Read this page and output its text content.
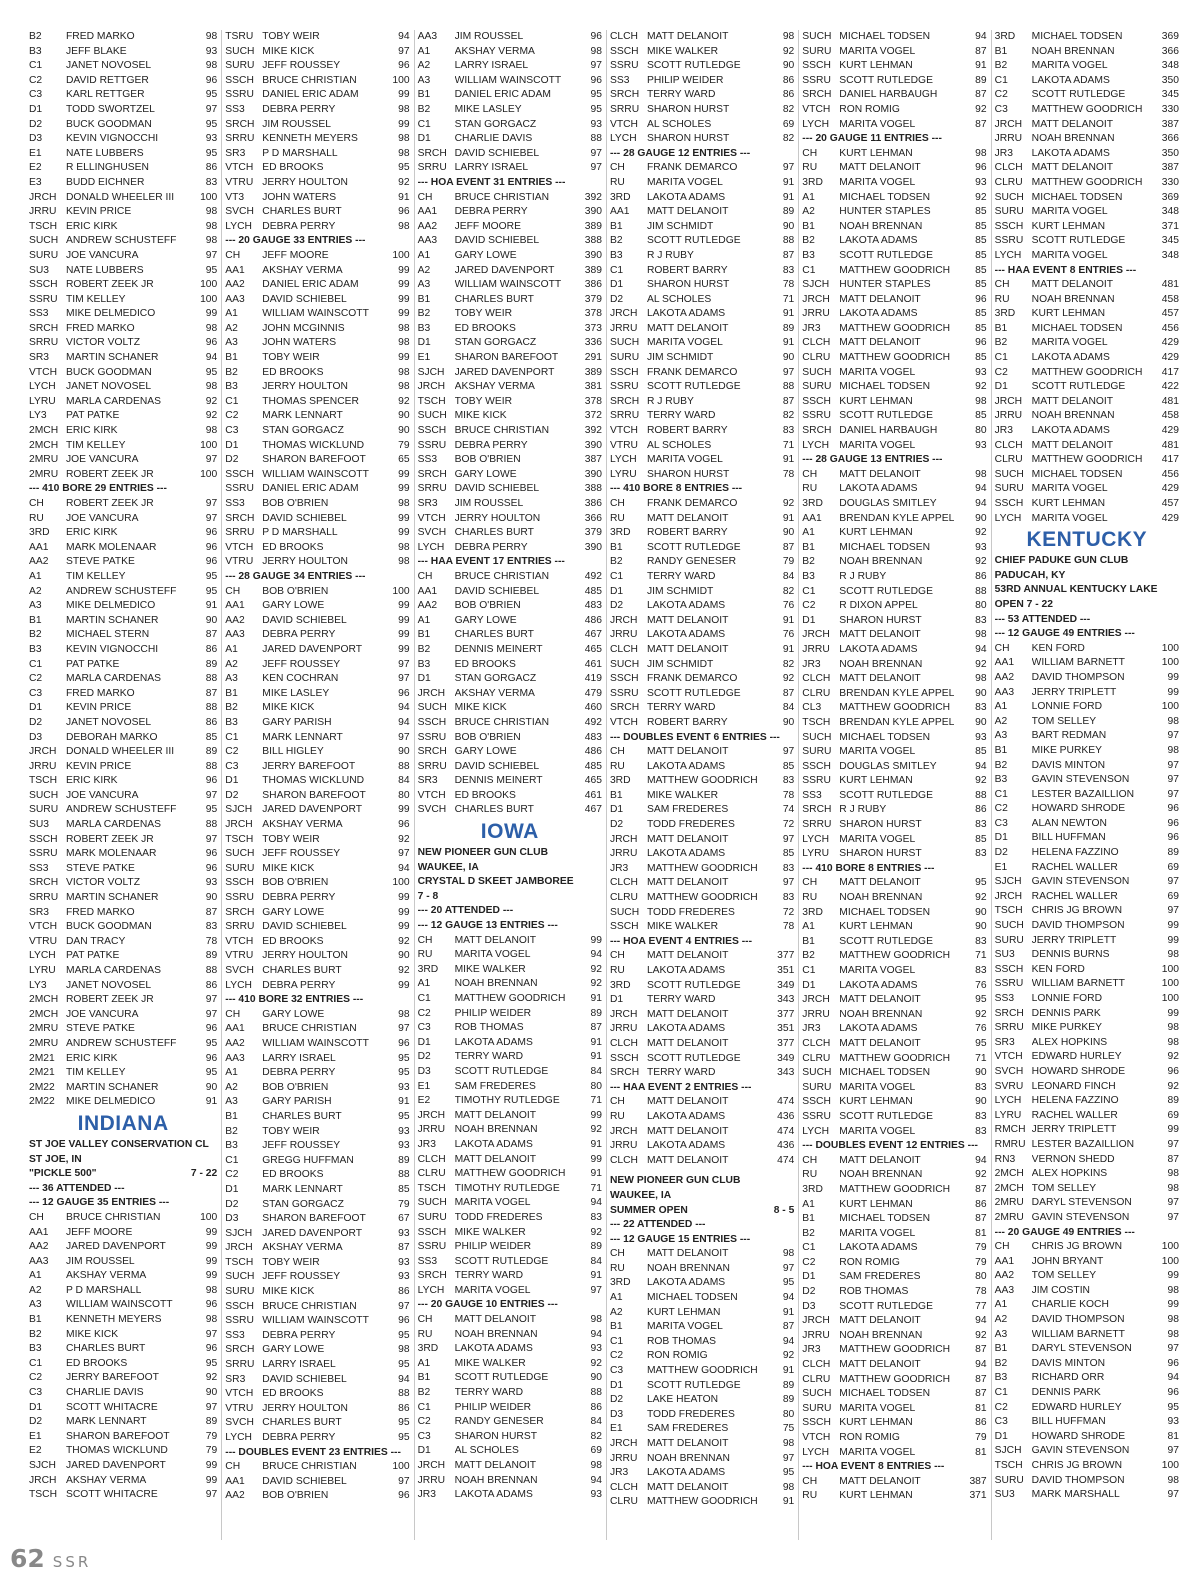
B2	FRED MARKO	98
B3	JEFF BLAKE	93
C1	JANET NOVOSEL	98
C2	DAVID RETTGER	96
C3	KARL RETTGER	95
D1	TODD SWORTZEL	97
D2	BUCK GOODMAN	95
D3	KEVIN VIGNOCCHI	93
E1	NATE LUBBERS	95
E2	R ELLINGHUSEN	86
E3	BUDD EICHNER	83
JRCH DONALD WHEELER III	100
JRRU KEVIN PRICE	98
TSCH ERIC KIRK	98
SUCH ANDREW SCHUSTEFF	98
SURU JOE VANCURA	97
SU3	NATE LUBBERS	95
SSCH ROBERT ZEEK JR	100
SSRU TIM KELLEY	100
SS3	MIKE DELMEDICO	99
SRCH FRED MARKO	98
SRRU VICTOR VOLTZ	96
SR3	MARTIN SCHANER	94
VTCH BUCK GOODMAN	95
LYCH JANET NOVOSEL	98
LYRU MARLA CARDENAS	92
LY3	PAT PATKE	92
2MCH ERIC KIRK	98
2MCH TIM KELLEY	100
2MRU JOE VANCURA	97
2MRU ROBERT ZEEK JR	100
--- 410 BORE 29 ENTRIES ---
CH	ROBERT ZEEK JR	97
RU	JOE VANCURA	97
3RD	ERIC KIRK	96
AA1	MARK MOLENAAR	96
AA2	STEVE PATKE	96
A1	TIM KELLEY	95
A2	ANDREW SCHUSTEFF	95
A3	MIKE DELMEDICO	91
B1	MARTIN SCHANER	90
B2	MICHAEL STERN	87
B3	KEVIN VIGNOCCHI	86
C1	PAT PATKE	89
C2	MARLA CARDENAS	88
C3	FRED MARKO	87
D1	KEVIN PRICE	88
D2	JANET NOVOSEL	86
D3	DEBORAH MARKO	85
JRCH DONALD WHEELER III	89
JRRU KEVIN PRICE	88
TSCH ERIC KIRK	96
SUCH JOE VANCURA	97
SURU ANDREW SCHUSTEFF	95
SU3	MARLA CARDENAS	88
SSCH ROBERT ZEEK JR	97
SSRU MARK MOLENAAR	96
SS3	STEVE PATKE	96
SRCH VICTOR VOLTZ	93
SRRU MARTIN SCHANER	90
SR3	FRED MARKO	87
VTCH BUCK GOODMAN	83
VTRU DAN TRACY	78
LYCH PAT PATKE	89
LYRU MARLA CARDENAS	88
LY3	JANET NOVOSEL	86
2MCH ROBERT ZEEK JR	97
2MCH JOE VANCURA	97
2MRU STEVE PATKE	96
2MRU ANDREW SCHUSTEFF	95
2M21	ERIC KIRK	96
2M21	TIM KELLEY	95
2M22	MARTIN SCHANER	90
2M22	MIKE DELMEDICO	91
INDIANA
ST JOE VALLEY CONSERVATION CL
ST JOE, IN
"PICKLE 500"	7 - 22
--- 36 ATTENDED ---
--- 12 GAUGE 35 ENTRIES ---
CH	BRUCE CHRISTIAN	100
AA1	JEFF MOORE	99
AA2	JARED DAVENPORT	99
AA3	JIM ROUSSEL	99
A1	AKSHAY VERMA	99
A2	P D MARSHALL	98
A3	WILLIAM WAINSCOTT	96
B1	KENNETH MEYERS	98
B2	MIKE KICK	97
B3	CHARLES BURT	96
C1	ED BROOKS	95
C2	JERRY BAREFOOT	92
C3	CHARLIE DAVIS	90
D1	SCOTT WHITACRE	97
D2	MARK LENNART	89
E1	SHARON BAREFOOT	79
E2	THOMAS WICKLUND	79
SJCH JARED DAVENPORT	99
JRCH AKSHAY VERMA	99
TSCH SCOTT WHITACRE	97
TSRU TOBY WEIR	94
SUCH MIKE KICK	97
SURU JEFF ROUSSEY	96
SSCH BRUCE CHRISTIAN	100
SSRU DANIEL ERIC ADAM	99
SS3	DEBRA PERRY	98
SRCH JIM ROUSSEL	99
SRRU KENNETH MEYERS	98
SR3	P D MARSHALL	98
VTCH ED BROOKS	95
VTRU JERRY HOULTON	92
VT3	JOHN WATERS	91
SVCH CHARLES BURT	96
LYCH DEBRA PERRY	98
--- 20 GAUGE 33 ENTRIES ---
CH	JEFF MOORE	100
AA1	AKSHAY VERMA	99
AA2	DANIEL ERIC ADAM	99
AA3	DAVID SCHIEBEL	99
A1	WILLIAM WAINSCOTT	99
A2	JOHN MCGINNIS	98
A3	JOHN WATERS	98
B1	TOBY WEIR	99
B2	ED BROOKS	98
B3	JERRY HOULTON	98
C1	THOMAS SPENCER	92
C2	MARK LENNART	90
C3	STAN GORGACZ	90
D1	THOMAS WICKLUND	79
D2	SHARON BAREFOOT	65
SSCH WILLIAM WAINSCOTT	99
SSRU DANIEL ERIC ADAM	99
SS3	BOB O'BRIEN	98
SRCH DAVID SCHIEBEL	99
SRRU P D MARSHALL	99
VTCH ED BROOKS	98
VTRU JERRY HOULTON	98
--- 28 GAUGE 34 ENTRIES ---
CH	BOB O'BRIEN	100
AA1	GARY LOWE	99
AA2	DAVID SCHIEBEL	99
AA3	DEBRA PERRY	99
A1	JARED DAVENPORT	99
A2	JEFF ROUSSEY	97
A3	KEN COCHRAN	97
B1	MIKE LASLEY	96
B2	MIKE KICK	94
B3	GARY PARISH	94
C1	MARK LENNART	97
C2	BILL HIGLEY	90
C3	JERRY BAREFOOT	88
D1	THOMAS WICKLUND	84
D2	SHARON BAREFOOT	80
SJCH JARED DAVENPORT	99
JRCH AKSHAY VERMA	96
TSCH TOBY WEIR	92
SUCH JEFF ROUSSEY	97
SURU MIKE KICK	94
SSCH BOB O'BRIEN	100
SSRU DEBRA PERRY	99
SRCH GARY LOWE	99
SRRU DAVID SCHIEBEL	99
VTCH ED BROOKS	92
VTRU JERRY HOULTON	90
SVCH CHARLES BURT	92
LYCH DEBRA PERRY	99
--- 410 BORE 32 ENTRIES ---
CH	GARY LOWE	98
AA1	BRUCE CHRISTIAN	97
AA2	WILLIAM WAINSCOTT	96
AA3	LARRY ISRAEL	95
A1	DEBRA PERRY	95
A2	BOB O'BRIEN	93
A3	GARY PARISH	91
B1	CHARLES BURT	95
B2	TOBY WEIR	93
B3	JEFF ROUSSEY	93
C1	GREGG HUFFMAN	89
C2	ED BROOKS	88
D1	MARK LENNART	85
D2	STAN GORGACZ	79
D3	SHARON BAREFOOT	67
SJCH JARED DAVENPORT	93
JRCH AKSHAY VERMA	87
TSCH TOBY WEIR	93
SUCH JEFF ROUSSEY	93
SURU MIKE KICK	86
SSCH BRUCE CHRISTIAN	97
SSRU WILLIAM WAINSCOTT	96
SS3	DEBRA PERRY	95
SRCH GARY LOWE	98
SRRU LARRY ISRAEL	95
SR3	DAVID SCHIEBEL	94
VTCH ED BROOKS	88
VTRU JERRY HOULTON	86
SVCH CHARLES BURT	95
LYCH DEBRA PERRY	95
--- DOUBLES EVENT 23 ENTRIES ---
CH	BRUCE CHRISTIAN	100
AA1	DAVID SCHIEBEL	97
AA2	BOB O'BRIEN	96
AA3	JIM ROUSSEL	96
A1	AKSHAY VERMA	98
A2	LARRY ISRAEL	97
A3	WILLIAM WAINSCOTT	96
B1	DANIEL ERIC ADAM	95
B2	MIKE LASLEY	95
C1	STAN GORGACZ	93
D1	CHARLIE DAVIS	88
SRCH DAVID SCHIEBEL	97
SRRU LARRY ISRAEL	97
--- HOA EVENT 31 ENTRIES ---
CH	BRUCE CHRISTIAN	392
AA1	DEBRA PERRY	390
AA2	JEFF MOORE	389
AA3	DAVID SCHIEBEL	388
A1	GARY LOWE	390
A2	JARED DAVENPORT	389
A3	WILLIAM WAINSCOTT	386
B1	CHARLES BURT	379
B2	TOBY WEIR	378
B3	ED BROOKS	373
D1	STAN GORGACZ	336
E1	SHARON BAREFOOT	291
SJCH JARED DAVENPORT	389
JRCH AKSHAY VERMA	381
TSCH TOBY WEIR	378
SUCH MIKE KICK	372
SSCH BRUCE CHRISTIAN	392
SSRU DEBRA PERRY	390
SS3	BOB O'BRIEN	387
SRCH GARY LOWE	390
SRRU DAVID SCHIEBEL	388
SR3	JIM ROUSSEL	386
VTCH JERRY HOULTON	366
SVCH CHARLES BURT	379
LYCH DEBRA PERRY	390
--- HAA EVENT 17 ENTRIES ---
CH	BRUCE CHRISTIAN	492
AA1	DAVID SCHIEBEL	485
AA2	BOB O'BRIEN	483
A1	GARY LOWE	486
B1	CHARLES BURT	467
B2	DENNIS MEINERT	465
B3	ED BROOKS	461
D1	STAN GORGACZ	419
JRCH AKSHAY VERMA	479
SUCH MIKE KICK	460
SSCH BRUCE CHRISTIAN	492
SSRU BOB O'BRIEN	483
SRCH GARY LOWE	486
SRRU DAVID SCHIEBEL	485
SR3	DENNIS MEINERT	465
VTCH ED BROOKS	461
SVCH CHARLES BURT	467
IOWA
NEW PIONEER GUN CLUB
WAUKEE, IA
CRYSTAL D SKEET JAMBOREE
7 - 8
--- 20 ATTENDED ---
--- 12 GAUGE 13 ENTRIES ---
CH	MATT DELANOIT	99
RU	MARITA VOGEL	94
3RD	MIKE WALKER	92
A1	NOAH BRENNAN	92
C1	MATTHEW GOODRICH	91
C2	PHILIP WEIDER	89
C3	ROB THOMAS	87
D1	LAKOTA ADAMS	91
D2	TERRY WARD	91
D3	SCOTT RUTLEDGE	84
E1	SAM FREDERES	80
E2	TIMOTHY RUTLEDGE	71
JRCH MATT DELANOIT	99
JRRU NOAH BRENNAN	92
JR3	LAKOTA ADAMS	91
CLCH MATT DELANOIT	99
CLRU MATTHEW GOODRICH	91
TSCH TIMOTHY RUTLEDGE	71
SUCH MARITA VOGEL	94
SURU TODD FREDERES	83
SSCH MIKE WALKER	92
SSRU PHILIP WEIDER	89
SS3	SCOTT RUTLEDGE	84
SRCH TERRY WARD	91
LYCH MARITA VOGEL	97
--- 20 GAUGE 10 ENTRIES ---
CH	MATT DELANOIT	98
RU	NOAH BRENNAN	94
3RD	LAKOTA ADAMS	93
A1	MIKE WALKER	92
B1	SCOTT RUTLEDGE	90
B2	TERRY WARD	88
C1	PHILIP WEIDER	86
C2	RANDY GENESER	84
C3	SHARON HURST	82
D1	AL SCHOLES	69
JRCH MATT DELANOIT	98
JRRU NOAH BRENNAN	94
JR3	LAKOTA ADAMS	93
CLCH MATT DELANOIT	98
SSCH MIKE WALKER	92
SSRU SCOTT RUTLEDGE	90
SS3	PHILIP WEIDER	86
SRCH TERRY WARD	86
SRRU SHARON HURST	82
VTCH AL SCHOLES	69
LYCH SHARON HURST	82
--- 28 GAUGE 12 ENTRIES ---
CH	FRANK DEMARCO	97
RU	MARITA VOGEL	91
3RD	LAKOTA ADAMS	91
AA1	MATT DELANOIT	89
B1	JIM SCHMIDT	90
B2	SCOTT RUTLEDGE	88
B3	R J RUBY	87
C1	ROBERT BARRY	83
D1	SHARON HURST	78
D2	AL SCHOLES	71
JRCH LAKOTA ADAMS	91
JRRU MATT DELANOIT	89
SUCH MARITA VOGEL	91
SURU JIM SCHMIDT	90
SSCH FRANK DEMARCO	97
SSRU SCOTT RUTLEDGE	88
SRCH R J RUBY	87
SRRU TERRY WARD	82
VTCH ROBERT BARRY	83
VTRU AL SCHOLES	71
LYCH MARITA VOGEL	91
LYRU SHARON HURST	78
--- 410 BORE 8 ENTRIES ---
CH	FRANK DEMARCO	92
RU	MATT DELANOIT	91
3RD	ROBERT BARRY	90
B1	SCOTT RUTLEDGE	87
B2	RANDY GENESER	79
C1	TERRY WARD	84
D1	JIM SCHMIDT	82
D2	LAKOTA ADAMS	76
JRCH MATT DELANOIT	91
JRRU LAKOTA ADAMS	76
CLCH MATT DELANOIT	91
SUCH JIM SCHMIDT	82
SSCH FRANK DEMARCO	92
SSRU SCOTT RUTLEDGE	87
SRCH TERRY WARD	84
VTCH ROBERT BARRY	90
--- DOUBLES EVENT 6 ENTRIES ---
CH	MATT DELANOIT	97
RU	LAKOTA ADAMS	85
3RD	MATTHEW GOODRICH	83
B1	MIKE WALKER	78
D1	SAM FREDERES	74
D2	TODD FREDERES	72
JRCH MATT DELANOIT	97
JRRU LAKOTA ADAMS	85
JR3	MATTHEW GOODRICH	83
CLCH MATT DELANOIT	97
CLRU MATTHEW GOODRICH	83
SUCH TODD FREDERES	72
SSCH MIKE WALKER	78
--- HOA EVENT 4 ENTRIES ---
CH	MATT DELANOIT	377
RU	LAKOTA ADAMS	351
3RD	SCOTT RUTLEDGE	349
D1	TERRY WARD	343
JRCH MATT DELANOIT	377
JRRU LAKOTA ADAMS	351
CLCH MATT DELANOIT	377
SSCH SCOTT RUTLEDGE	349
SRCH TERRY WARD	343
--- HAA EVENT 2 ENTRIES ---
CH	MATT DELANOIT	474
RU	LAKOTA ADAMS	436
JRCH MATT DELANOIT	474
JRRU LAKOTA ADAMS	436
CLCH MATT DELANOIT	474
NEW PIONEER GUN CLUB
WAUKEE, IA
SUMMER OPEN	8 - 5
--- 22 ATTENDED ---
--- 12 GAUGE 15 ENTRIES ---
CH	MATT DELANOIT	98
RU	NOAH BRENNAN	97
3RD	LAKOTA ADAMS	95
A1	MICHAEL TODSEN	94
A2	KURT LEHMAN	91
B1	MARITA VOGEL	87
C1	ROB THOMAS	94
C2	RON ROMIG	92
C3	MATTHEW GOODRICH	91
D1	SCOTT RUTLEDGE	89
D2	LAKE HEATON	89
D3	TODD FREDERES	80
E1	SAM FREDERES	75
JRCH MATT DELANOIT	98
JRRU NOAH BRENNAN	97
JR3	LAKOTA ADAMS	95
CLCH MATT DELANOIT	98
CLRU MATTHEW GOODRICH	91
SUCH MICHAEL TODSEN	94
SURU MARITA VOGEL	87
SSCH KURT LEHMAN	91
SSRU SCOTT RUTLEDGE	89
SRCH DANIEL HARBAUGH	87
VTCH RON ROMIG	92
LYCH MARITA VOGEL	87
--- 20 GAUGE 11 ENTRIES ---
CH	KURT LEHMAN	98
RU	MATT DELANOIT	96
3RD	MARITA VOGEL	93
A1	MICHAEL TODSEN	92
A2	HUNTER STAPLES	85
B1	NOAH BRENNAN	85
B2	LAKOTA ADAMS	85
B3	SCOTT RUTLEDGE	85
C1	MATTHEW GOODRICH	85
SJCH HUNTER STAPLES	85
JRCH MATT DELANOIT	96
JRRU LAKOTA ADAMS	85
JR3	MATTHEW GOODRICH	85
CLCH MATT DELANOIT	96
CLRU MATTHEW GOODRICH	85
SUCH MARITA VOGEL	93
SURU MICHAEL TODSEN	92
SSCH KURT LEHMAN	98
SSRU SCOTT RUTLEDGE	85
SRCH DANIEL HARBAUGH	80
LYCH MARITA VOGEL	93
--- 28 GAUGE 13 ENTRIES ---
CH	MATT DELANOIT	98
RU	LAKOTA ADAMS	94
3RD	DOUGLAS SMITLEY	94
AA1	BRENDAN KYLE APPEL	90
A1	KURT LEHMAN	92
B1	MICHAEL TODSEN	93
B2	NOAH BRENNAN	92
B3	R J RUBY	86
C1	SCOTT RUTLEDGE	88
C2	R DIXON APPEL	80
D1	SHARON HURST	83
JRCH MATT DELANOIT	98
JRRU LAKOTA ADAMS	94
JR3	NOAH BRENNAN	92
CLCH MATT DELANOIT	98
CLRU BRENDAN KYLE APPEL	90
CL3	MATTHEW GOODRICH	83
TSCH BRENDAN KYLE APPEL	90
SUCH MICHAEL TODSEN	93
SURU MARITA VOGEL	85
SSCH DOUGLAS SMITLEY	94
SSRU KURT LEHMAN	92
SS3	SCOTT RUTLEDGE	88
SRCH R J RUBY	86
SRRU SHARON HURST	83
LYCH MARITA VOGEL	85
LYRU SHARON HURST	83
--- 410 BORE 8 ENTRIES ---
CH	MATT DELANOIT	95
RU	NOAH BRENNAN	92
3RD	MICHAEL TODSEN	90
A1	KURT LEHMAN	90
B1	SCOTT RUTLEDGE	83
B2	MATTHEW GOODRICH	71
C1	MARITA VOGEL	83
D1	LAKOTA ADAMS	76
JRCH MATT DELANOIT	95
JRRU NOAH BRENNAN	92
JR3	LAKOTA ADAMS	76
CLCH MATT DELANOIT	95
CLRU MATTHEW GOODRICH	71
SUCH MICHAEL TODSEN	90
SURU MARITA VOGEL	83
SSCH KURT LEHMAN	90
SSRU SCOTT RUTLEDGE	83
LYCH MARITA VOGEL	83
--- DOUBLES EVENT 12 ENTRIES ---
CH	MATT DELANOIT	94
RU	NOAH BRENNAN	92
3RD	MATTHEW GOODRICH	87
A1	KURT LEHMAN	86
B1	MICHAEL TODSEN	87
B2	MARITA VOGEL	81
C1	LAKOTA ADAMS	79
C2	RON ROMIG	79
D1	SAM FREDERES	80
D2	ROB THOMAS	78
D3	SCOTT RUTLEDGE	77
JRCH MATT DELANOIT	94
JRRU NOAH BRENNAN	92
JR3	MATTHEW GOODRICH	87
CLCH MATT DELANOIT	94
CLRU MATTHEW GOODRICH	87
SUCH MICHAEL TODSEN	87
SURU MARITA VOGEL	81
SSCH KURT LEHMAN	86
VTCH RON ROMIG	79
LYCH MARITA VOGEL	81
--- HOA EVENT 8 ENTRIES ---
CH	MATT DELANOIT	387
RU	KURT LEHMAN	371
3RD	MICHAEL TODSEN	369
B1	NOAH BRENNAN	366
B2	MARITA VOGEL	348
C1	LAKOTA ADAMS	350
C2	SCOTT RUTLEDGE	345
C3	MATTHEW GOODRICH	330
JRCH MATT DELANOIT	387
JRRU NOAH BRENNAN	366
JR3	LAKOTA ADAMS	350
CLCH MATT DELANOIT	387
CLRU MATTHEW GOODRICH	330
SUCH MICHAEL TODSEN	369
SURU MARITA VOGEL	348
SSCH KURT LEHMAN	371
SSRU SCOTT RUTLEDGE	345
LYCH MARITA VOGEL	348
--- HAA EVENT 8 ENTRIES ---
CH	MATT DELANOIT	481
RU	NOAH BRENNAN	458
3RD	KURT LEHMAN	457
B1	MICHAEL TODSEN	456
B2	MARITA VOGEL	429
C1	LAKOTA ADAMS	429
C2	MATTHEW GOODRICH	417
D1	SCOTT RUTLEDGE	422
JRCH MATT DELANOIT	481
JRRU NOAH BRENNAN	458
JR3	LAKOTA ADAMS	429
CLCH MATT DELANOIT	481
CLRU MATTHEW GOODRICH	417
SUCH MICHAEL TODSEN	456
SURU MARITA VOGEL	429
SSCH KURT LEHMAN	457
LYCH MARITA VOGEL	429
KENTUCKY
CHIEF PADUKE GUN CLUB
PADUCAH, KY
53RD ANNUAL KENTUCKY LAKE
OPEN 7 - 22
--- 53 ATTENDED ---
--- 12 GAUGE 49 ENTRIES ---
CH	KEN FORD	100
AA1	WILLIAM BARNETT	100
AA2	DAVID THOMPSON	99
AA3	JERRY TRIPLETT	99
A1	LONNIE FORD	100
A2	TOM SELLEY	98
A3	BART REDMAN	97
B1	MIKE PURKEY	98
B2	DAVIS MINTON	97
B3	GAVIN STEVENSON	97
C1	LESTER BAZAILLION	97
C2	HOWARD SHRODE	96
C3	ALAN NEWTON	96
D1	BILL HUFFMAN	96
D2	HELENA FAZZINO	89
E1	RACHEL WALLER	69
SJCH GAVIN STEVENSON	97
JRCH RACHEL WALLER	69
TSCH CHRIS JG BROWN	97
SUCH DAVID THOMPSON	99
SURU JERRY TRIPLETT	99
SU3	DENNIS BURNS	98
SSCH KEN FORD	100
SSRU WILLIAM BARNETT	100
SS3	LONNIE FORD	100
SRCH DENNIS PARK	99
SRRU MIKE PURKEY	98
SR3	ALEX HOPKINS	98
VTCH EDWARD HURLEY	92
SVCH HOWARD SHRODE	96
SVRU LEONARD FINCH	92
LYCH HELENA FAZZINO	89
LYRU RACHEL WALLER	69
RMCH JERRY TRIPLETT	99
RMRU LESTER BAZAILLION	97
RN3	VERNON SHEDD	87
2MCH ALEX HOPKINS	98
2MCH TOM SELLEY	98
2MRU DARYL STEVENSON	97
2MRU GAVIN STEVENSON	97
--- 20 GAUGE 49 ENTRIES ---
CH	CHRIS JG BROWN	100
AA1	JOHN BRYANT	100
AA2	TOM SELLEY	99
AA3	JIM COSTIN	98
A1	CHARLIE KOCH	99
A2	DAVID THOMPSON	98
A3	WILLIAM BARNETT	98
B1	DARYL STEVENSON	97
B2	DAVIS MINTON	96
B3	RICHARD ORR	94
C1	DENNIS PARK	96
C2	EDWARD HURLEY	95
C3	BILL HUFFMAN	93
D1	HOWARD SHRODE	81
SJCH GAVIN STEVENSON	97
TSCH CHRIS JG BROWN	100
SURU DAVID THOMPSON	98
SU3	MARK MARSHALL	97
62 SSR
